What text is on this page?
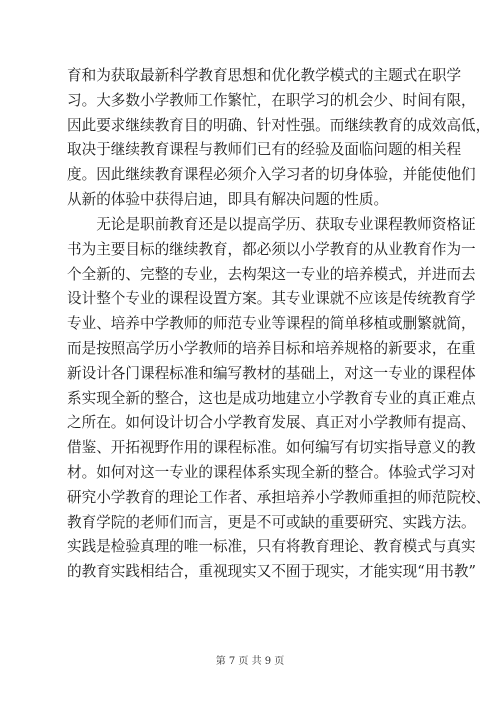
育和为获取最新科学教育思想和优化教学模式的主题式在职学
习。大多数小学教师工作繁忙，在职学习的机会少、时间有限，
因此要求继续教育目的明确、针对性强。而继续教育的成效高低，
取决于继续教育课程与教师们已有的经验及面临问题的相关程
度。因此继续教育课程必须介入学习者的切身体验，并能使他们
从新的体验中获得启迪，即具有解决问题的性质。
　　无论是职前教育还是以提高学历、获取专业课程教师资格证
书为主要目标的继续教育，都必须以小学教育的从业教育作为一
个全新的、完整的专业，去构架这一专业的培养模式，并进而去
设计整个专业的课程设置方案。其专业课就不应该是传统教育学
专业、培养中学教师的师范专业等课程的简单移植或删繁就简，
而是按照高学历小学教师的培养目标和培养规格的新要求，在重
新设计各门课程标准和编写教材的基础上，对这一专业的课程体
系实现全新的整合，这也是成功地建立小学教育专业的真正难点
之所在。如何设计切合小学教育发展、真正对小学教师有提高、
借鉴、开拓视野作用的课程标准。如何编写有切实指导意义的教
材。如何对这一专业的课程体系实现全新的整合。体验式学习对
研究小学教育的理论工作者、承担培养小学教师重担的师范院校、
教育学院的老师们而言，更是不可或缺的重要研究、实践方法。
实践是检验真理的唯一标准，只有将教育理论、教育模式与真实
的教育实践相结合，重视现实又不囿于现实，才能实现“用书教”
第 7 页 共 9 页
